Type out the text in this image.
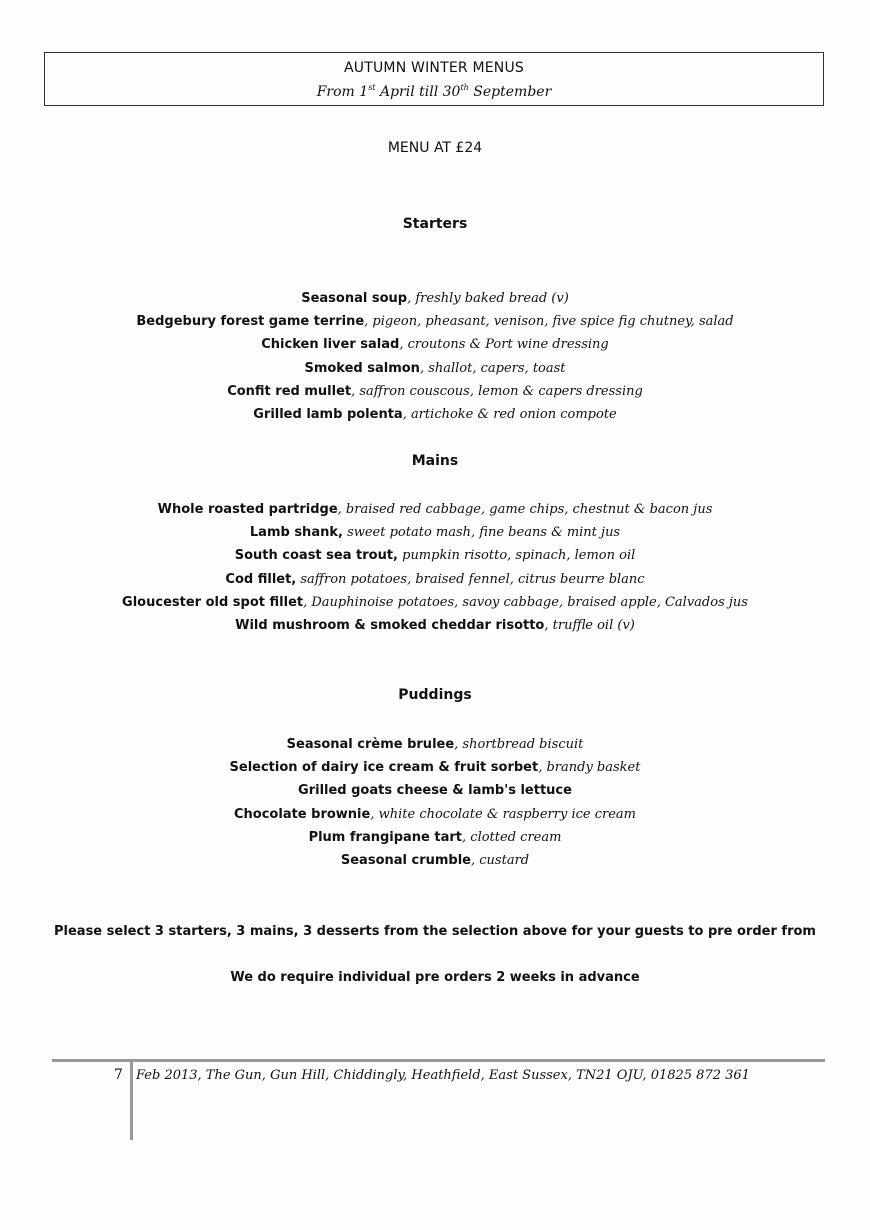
AUTUMN WINTER MENUS
From 1st April till 30th September
MENU AT £24
Starters
Seasonal soup, freshly baked bread (v)
Bedgebury forest game terrine, pigeon, pheasant, venison, five spice fig chutney, salad
Chicken liver salad, croutons & Port wine dressing
Smoked salmon, shallot, capers, toast
Confit red mullet, saffron couscous, lemon & capers dressing
Grilled lamb polenta, artichoke & red onion compote
Mains
Whole roasted partridge, braised red cabbage, game chips, chestnut & bacon jus
Lamb shank, sweet potato mash, fine beans & mint jus
South coast sea trout, pumpkin risotto, spinach, lemon oil
Cod fillet, saffron potatoes, braised fennel, citrus beurre blanc
Gloucester old spot fillet, Dauphinoise potatoes, savoy cabbage, braised apple, Calvados jus
Wild mushroom & smoked cheddar risotto, truffle oil (v)
Puddings
Seasonal crème brulee, shortbread biscuit
Selection of dairy ice cream & fruit sorbet, brandy basket
Grilled goats cheese & lamb's lettuce
Chocolate brownie, white chocolate & raspberry ice cream
Plum frangipane tart, clotted cream
Seasonal crumble, custard
Please select 3 starters, 3 mains, 3 desserts from the selection above for your guests to pre order from
We do require individual pre orders 2 weeks in advance
7 Feb 2013, The Gun, Gun Hill, Chiddingly, Heathfield, East Sussex, TN21 OJU, 01825 872 361
